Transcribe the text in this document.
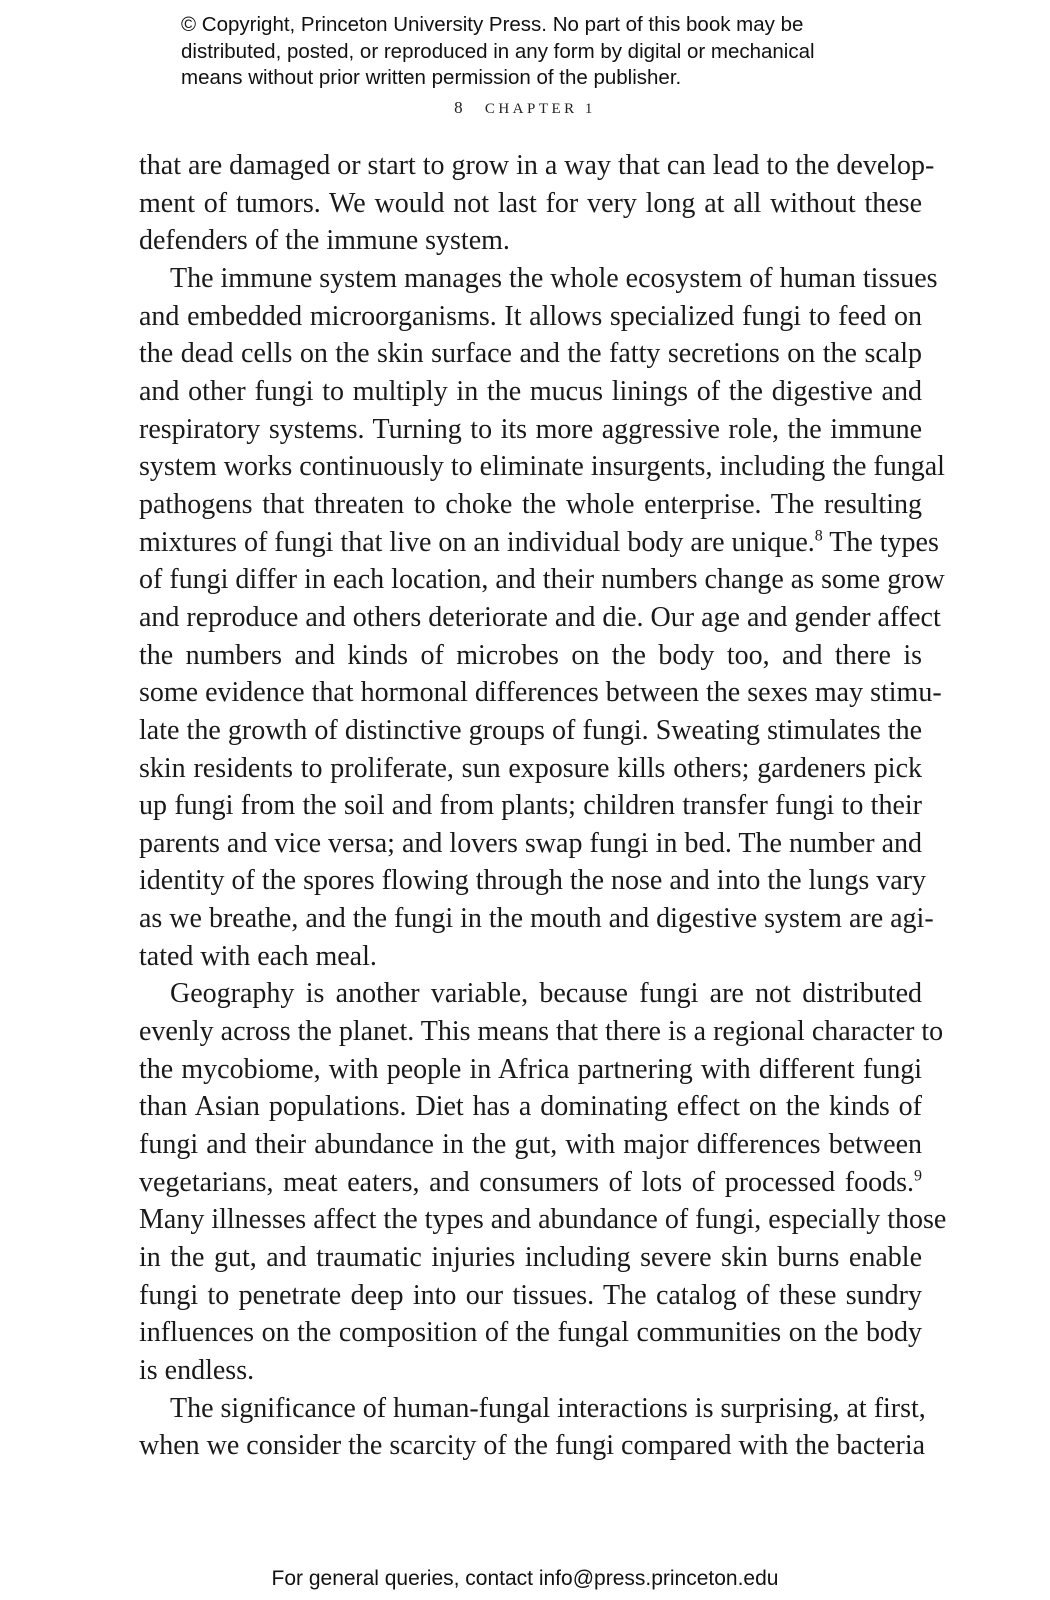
© Copyright, Princeton University Press. No part of this book may be
distributed, posted, or reproduced in any form by digital or mechanical
means without prior written permission of the publisher.
8 CHAPTER 1
that are damaged or start to grow in a way that can lead to the develop-
ment of tumors. We would not last for very long at all without these
defenders of the immune system.
The immune system manages the whole ecosystem of human tissues
and embedded microorganisms. It allows specialized fungi to feed on
the dead cells on the skin surface and the fatty secretions on the scalp
and other fungi to multiply in the mucus linings of the digestive and
respiratory systems. Turning to its more aggressive role, the immune
system works continuously to eliminate insurgents, including the fungal
pathogens that threaten to choke the whole enterprise. The resulting
mixtures of fungi that live on an individual body are unique.$^8$ The types
of fungi differ in each location, and their numbers change as some grow
and reproduce and others deteriorate and die. Our age and gender affect
the numbers and kinds of microbes on the body too, and there is
some evidence that hormonal differences between the sexes may stimu-
late the growth of distinctive groups of fungi. Sweating stimulates the
skin residents to proliferate, sun exposure kills others; gardeners pick
up fungi from the soil and from plants; children transfer fungi to their
parents and vice versa; and lovers swap fungi in bed. The number and
identity of the spores flowing through the nose and into the lungs vary
as we breathe, and the fungi in the mouth and digestive system are agi-
tated with each meal.
Geography is another variable, because fungi are not distributed
evenly across the planet. This means that there is a regional character to
the mycobiome, with people in Africa partnering with different fungi
than Asian populations. Diet has a dominating effect on the kinds of
fungi and their abundance in the gut, with major differences between
vegetarians, meat eaters, and consumers of lots of processed foods.$^9$
Many illnesses affect the types and abundance of fungi, especially those
in the gut, and traumatic injuries including severe skin burns enable
fungi to penetrate deep into our tissues. The catalog of these sundry
influences on the composition of the fungal communities on the body
is endless.
The significance of human-fungal interactions is surprising, at first,
when we consider the scarcity of the fungi compared with the bacteria
For general queries, contact info@press.princeton.edu
